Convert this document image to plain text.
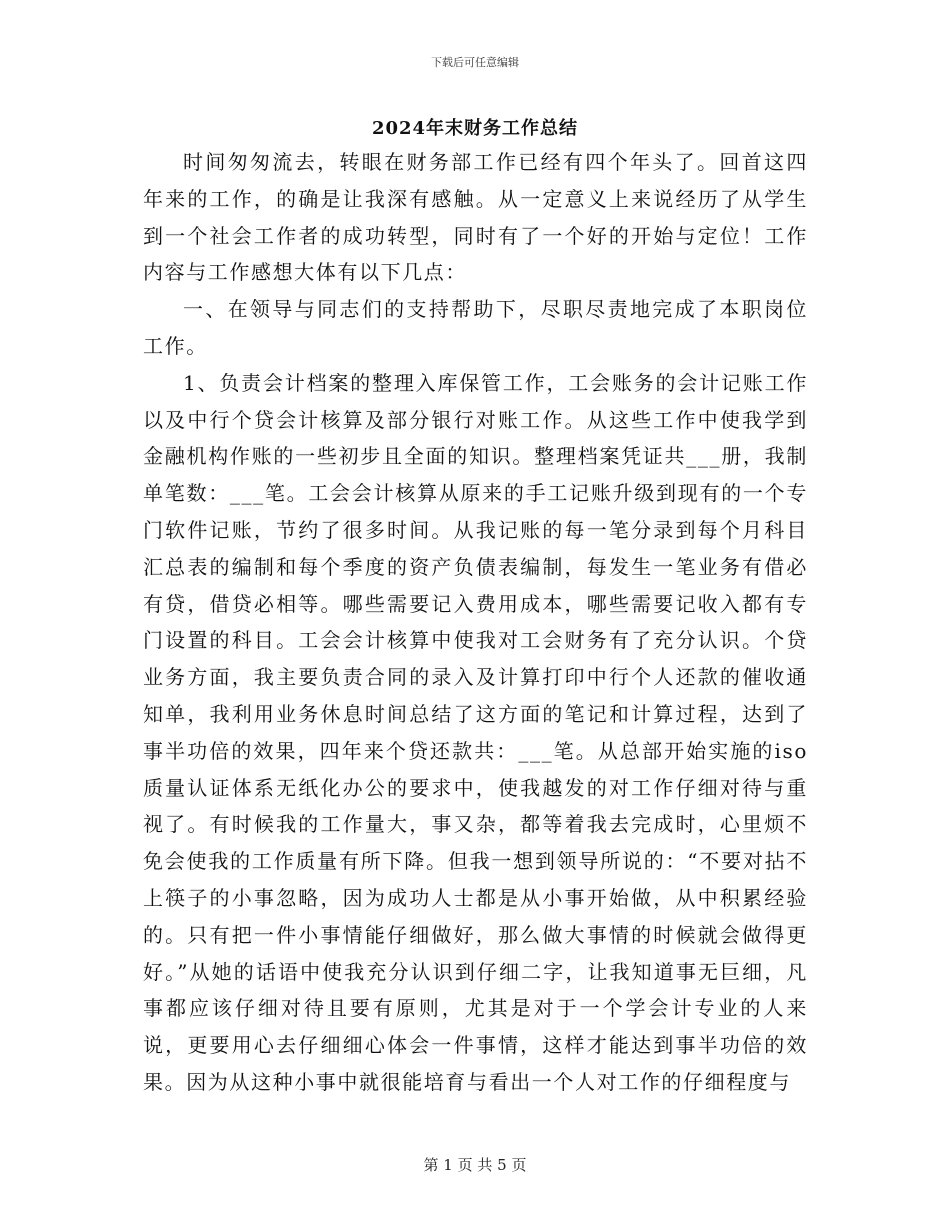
下载后可任意编辑
2024年末财务工作总结

时间匆匆流去，转眼在财务部工作已经有四个年头了。回首这四年来的工作，的确是让我深有感触。从一定意义上来说经历了从学生到一个社会工作者的成功转型，同时有了一个好的开始与定位！工作内容与工作感想大体有以下几点：

一、在领导与同志们的支持帮助下，尽职尽责地完成了本职岗位工作。

1、负责会计档案的整理入库保管工作，工会账务的会计记账工作以及中行个贷会计核算及部分银行对账工作。从这些工作中使我学到金融机构作账的一些初步且全面的知识。整理档案凭证共___册，我制单笔数：___笔。工会会计核算从原来的手工记账升级到现有的一个专门软件记账，节约了很多时间。从我记账的每一笔分录到每个月科目汇总表的编制和每个季度的资产负债表编制，每发生一笔业务有借必有贷，借贷必相等。哪些需要记入费用成本，哪些需要记收入都有专门设置的科目。工会会计核算中使我对工会财务有了充分认识。个贷业务方面，我主要负责合同的录入及计算打印中行个人还款的催收通知单，我利用业务休息时间总结了这方面的笔记和计算过程，达到了事半功倍的效果，四年来个贷还款共：___笔。从总部开始实施的iso质量认证体系无纸化办公的要求中，使我越发的对工作仔细对待与重视了。有时候我的工作量大，事又杂，都等着我去完成时，心里烦不免会使我的工作质量有所下降。但我一想到领导所说的：“不要对拈不上筷子的小事忽略，因为成功人士都是从小事开始做，从中积累经验的。只有把一件小事情能仔细做好，那么做大事情的时候就会做得更好。”从她的话语中使我充分认识到仔细二字，让我知道事无巨细，凡事都应该仔细对待且要有原则，尤其是对于一个学会计专业的人来说，更要用心去仔细细心体会一件事情，这样才能达到事半功倍的效果。因为从这种小事中就很能培育与看出一个人对工作的仔细程度与

第 1 页 共 5 页
